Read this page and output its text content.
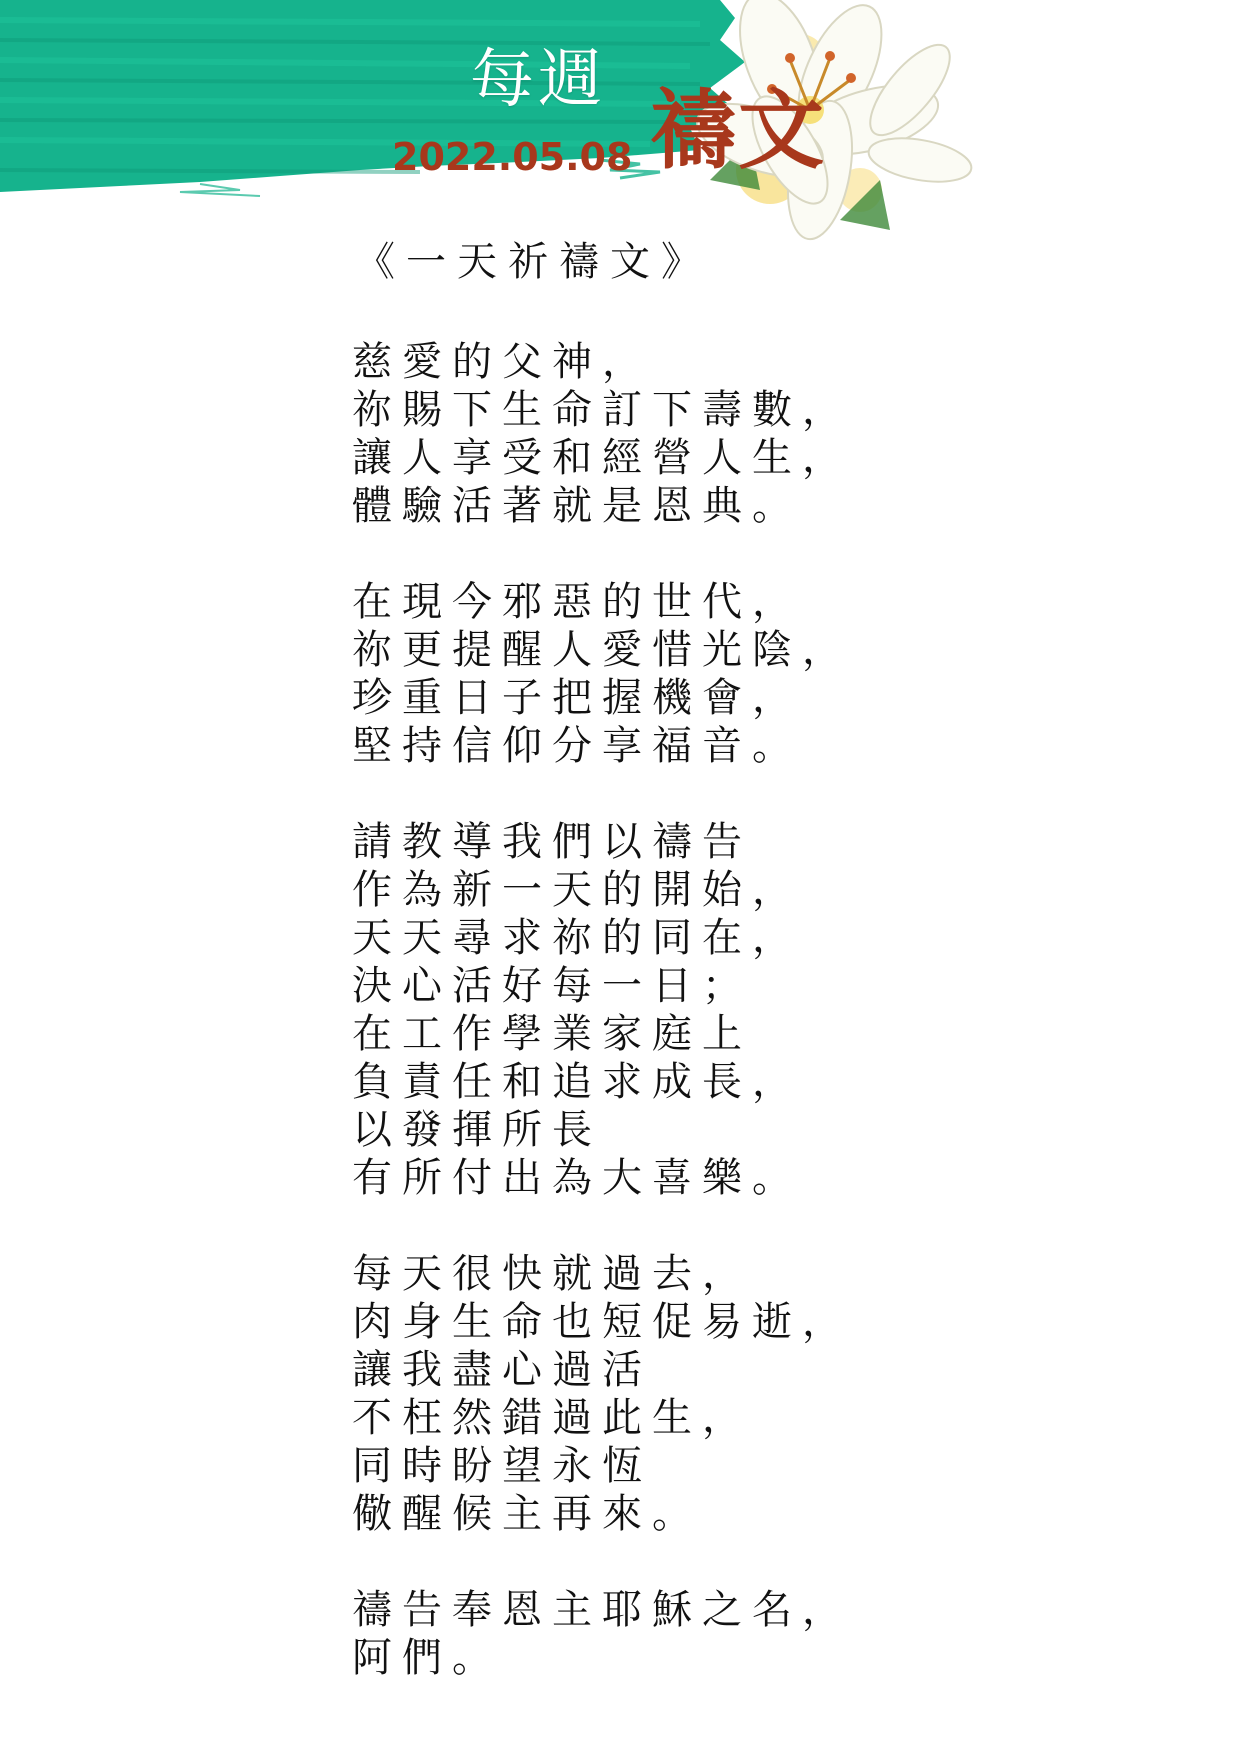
每週
2022.05.08 禱文
《一天祈禱文》
慈愛的父神，
祢賜下生命訂下壽數，
讓人享受和經營人生，
體驗活著就是恩典。
在現今邪惡的世代，
祢更提醒人愛惜光陰，
珍重日子把握機會，
堅持信仰分享福音。
請教導我們以禱告
作為新一天的開始，
天天尋求祢的同在，
決心活好每一日；
在工作學業家庭上
負責任和追求成長，
以發揮所長
有所付出為大喜樂。
每天很快就過去，
肉身生命也短促易逝，
讓我盡心過活
不枉然錯過此生，
同時盼望永恆
儆醒候主再來。
禱告奉恩主耶穌之名，
阿們。
